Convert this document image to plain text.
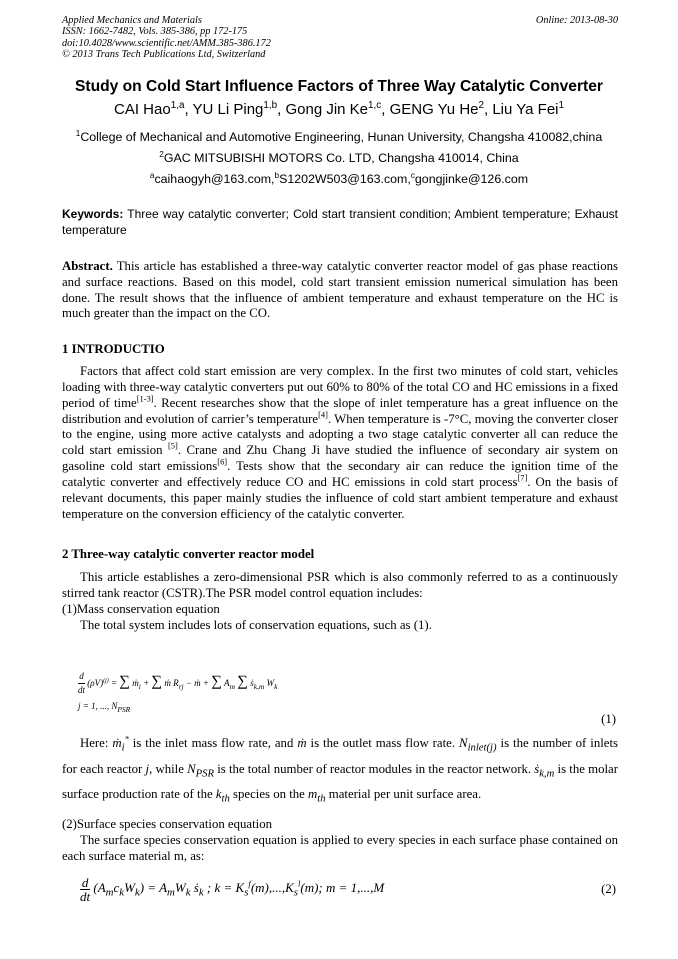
Applied Mechanics and Materials
ISSN: 1662-7482, Vols. 385-386, pp 172-175
doi:10.4028/www.scientific.net/AMM.385-386.172
© 2013 Trans Tech Publications Ltd, Switzerland
Online: 2013-08-30
Study on Cold Start Influence Factors of Three Way Catalytic Converter
CAI Hao$^{1,a}$, YU Li Ping$^{1,b}$, Gong Jin Ke$^{1,c}$, GENG Yu He$^2$, Liu Ya Fei$^1$
$^1$College of Mechanical and Automotive Engineering, Hunan University, Changsha 410082,china
$^2$GAC MITSUBISHI MOTORS Co. LTD, Changsha 410014, China
$^a$caihaogyh@163.com,$^b$S1202W503@163.com,$^c$gongjinke@126.com
Keywords: Three way catalytic converter; Cold start transient condition; Ambient temperature; Exhaust temperature
Abstract. This article has established a three-way catalytic converter reactor model of gas phase reactions and surface reactions. Based on this model, cold start transient emission numerical simulation has been done. The result shows that the influence of ambient temperature and exhaust temperature on the HC is much greater than the impact on the CO.
1 INTRODUCTIO
Factors that affect cold start emission are very complex. In the first two minutes of cold start, vehicles loading with three-way catalytic converters put out 60% to 80% of the total CO and HC emissions in a fixed period of time[1-3]. Recent researches show that the slope of inlet temperature has a great influence on the distribution and evolution of carrier’s temperature[4]. When temperature is -7°C, moving the converter closer to the engine, using more active catalysts and adopting a two stage catalytic converter all can reduce the cold start emission [5]. Crane and Zhu Chang Ji have studied the influence of secondary air system on gasoline cold start emissions[6]. Tests show that the secondary air can reduce the ignition time of the catalytic converter and effectively reduce CO and HC emissions in cold start process[7]. On the basis of relevant documents, this paper mainly studies the influence of cold start ambient temperature and exhaust temperature on the conversion efficiency of the catalytic converter.
2 Three-way catalytic converter reactor model
This article establishes a zero-dimensional PSR which is also commonly referred to as a continuously stirred tank reactor (CSTR).The PSR model control equation includes:
(1)Mass conservation equation
The total system includes lots of conservation equations, such as (1).
$\frac{d}{dt} (\rho V)^{(j)}$ = ∑ ṁ$_i$ + ∑ ṁ $R_{rj}$ − ṁ + ∑ $A_m$ ∑ ṡ$_{k,m}$ $W_k$
j = 1, ..., $N_{PSR}$
(1)
Here: ṁ$_i$* is the inlet mass flow rate, and ṁ is the outlet mass flow rate. $N_{inlet(j)}$ is the number of inlets for each reactor j, while $N_{PSR}$ is the total number of reactor modules in the reactor network. ṡ$_{k,m}$ is the molar surface production rate of the $k_{th}$ species on the $m_{th}$ material per unit surface area.
(2)Surface species conservation equation
The surface species conservation equation is applied to every species in each surface phase contained on each surface material m, as:
$\frac{d}{dt} (A_mc_kW_k) = A_mW_k$ ṡ$_k$ ; $k = K_s^f(m),...,K_s^l(m)$; m = 1,...,M	(2)
